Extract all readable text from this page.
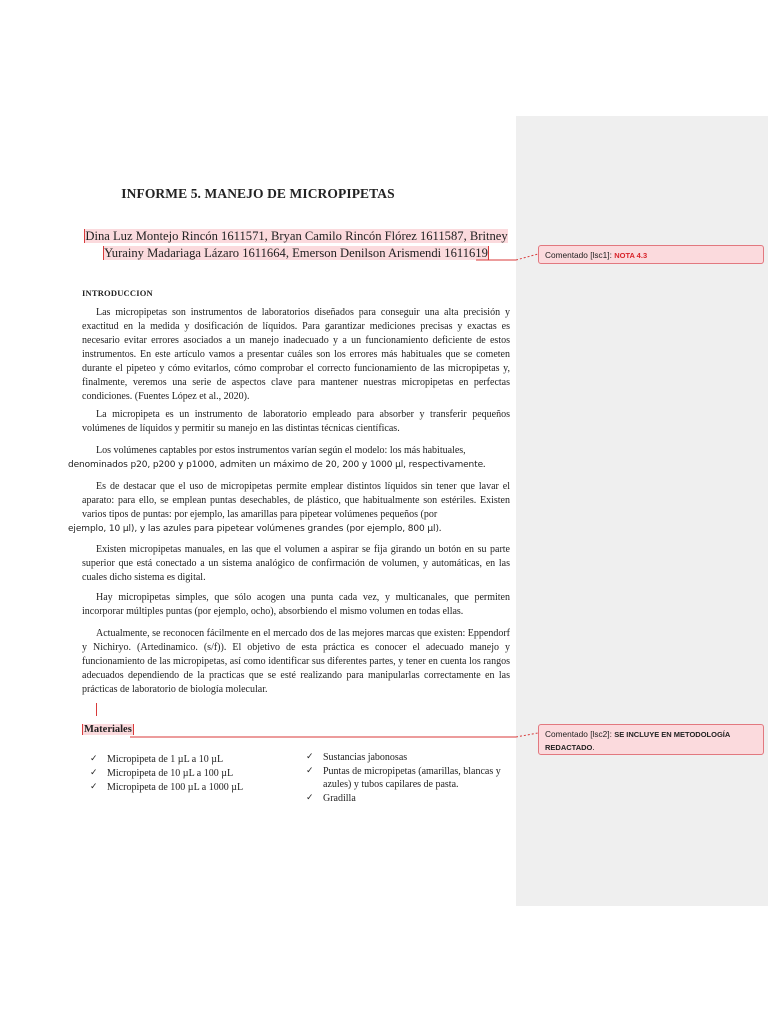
INFORME 5. MANEJO DE MICROPIPETAS
Dina Luz Montejo Rincón 1611571, Bryan Camilo Rincón Flórez 1611587, Britney
Yurainy Madariaga Lázaro 1611664, Emerson Denilson Arismendi 1611619
INTRODUCCION

Las micropipetas son instrumentos de laboratorios diseñados para conseguir una alta precisión y exactitud en la medida y dosificación de líquidos. Para garantizar mediciones precisas y exactas es necesario evitar errores asociados a un manejo inadecuado y a un funcionamiento deficiente de estos instrumentos. En este artículo vamos a presentar cuáles son los errores más habituales que se cometen durante el pipeteo y cómo evitarlos, cómo comprobar el correcto funcionamiento de las micropipetas y, finalmente, veremos una serie de aspectos clave para mantener nuestras micropipetas en perfectas condiciones. (Fuentes López et al., 2020).

La micropipeta es un instrumento de laboratorio empleado para absorber y transferir pequeños volúmenes de líquidos y permitir su manejo en las distintas técnicas científicas.

Los volúmenes captables por estos instrumentos varían según el modelo: los más habituales,
denominados p20, p200 y p1000, admiten un máximo de 20, 200 y 1000 µl, respectivamente.

Es de destacar que el uso de micropipetas permite emplear distintos líquidos sin tener que lavar el aparato: para ello, se emplean puntas desechables, de plástico, que habitualmente son estériles. Existen varios tipos de puntas: por ejemplo, las amarillas para pipetear volúmenes pequeños (por
ejemplo, 10 µl), y las azules para pipetear volúmenes grandes (por ejemplo, 800 µl).

Existen micropipetas manuales, en las que el volumen a aspirar se fija girando un botón en su parte superior que está conectado a un sistema analógico de confirmación de volumen, y automáticas, en las cuales dicho sistema es digital.

Hay micropipetas simples, que sólo acogen una punta cada vez, y multicanales, que permiten incorporar múltiples puntas (por ejemplo, ocho), absorbiendo el mismo volumen en todas ellas.

Actualmente, se reconocen fácilmente en el mercado dos de las mejores marcas que existen: Eppendorf y Nichiryo. (Artedinamico. (s/f)). El objetivo de esta práctica es conocer el adecuado manejo y funcionamiento de las micropipetas, así como identificar sus diferentes partes, y tener en cuenta los rangos adecuados dependiendo de la practicas que se esté realizando para manipularlas correctamente en las prácticas de laboratorio de biología molecular.

Materiales
✓ Micropipeta de 1 µL a 10 µL
✓ Micropipeta de 10 µL a 100 µL
✓ Micropipeta de 100 µL a 1000 µL
✓ Sustancias jabonosas
✓ Puntas de micropipetas (amarillas, blancas y azules) y tubos capilares de pasta.
✓ Gradilla
Comentado [lsc1]: NOTA 4.3
Comentado [lsc2]: SE INCLUYE EN METODOLOGÍA REDACTADO.
